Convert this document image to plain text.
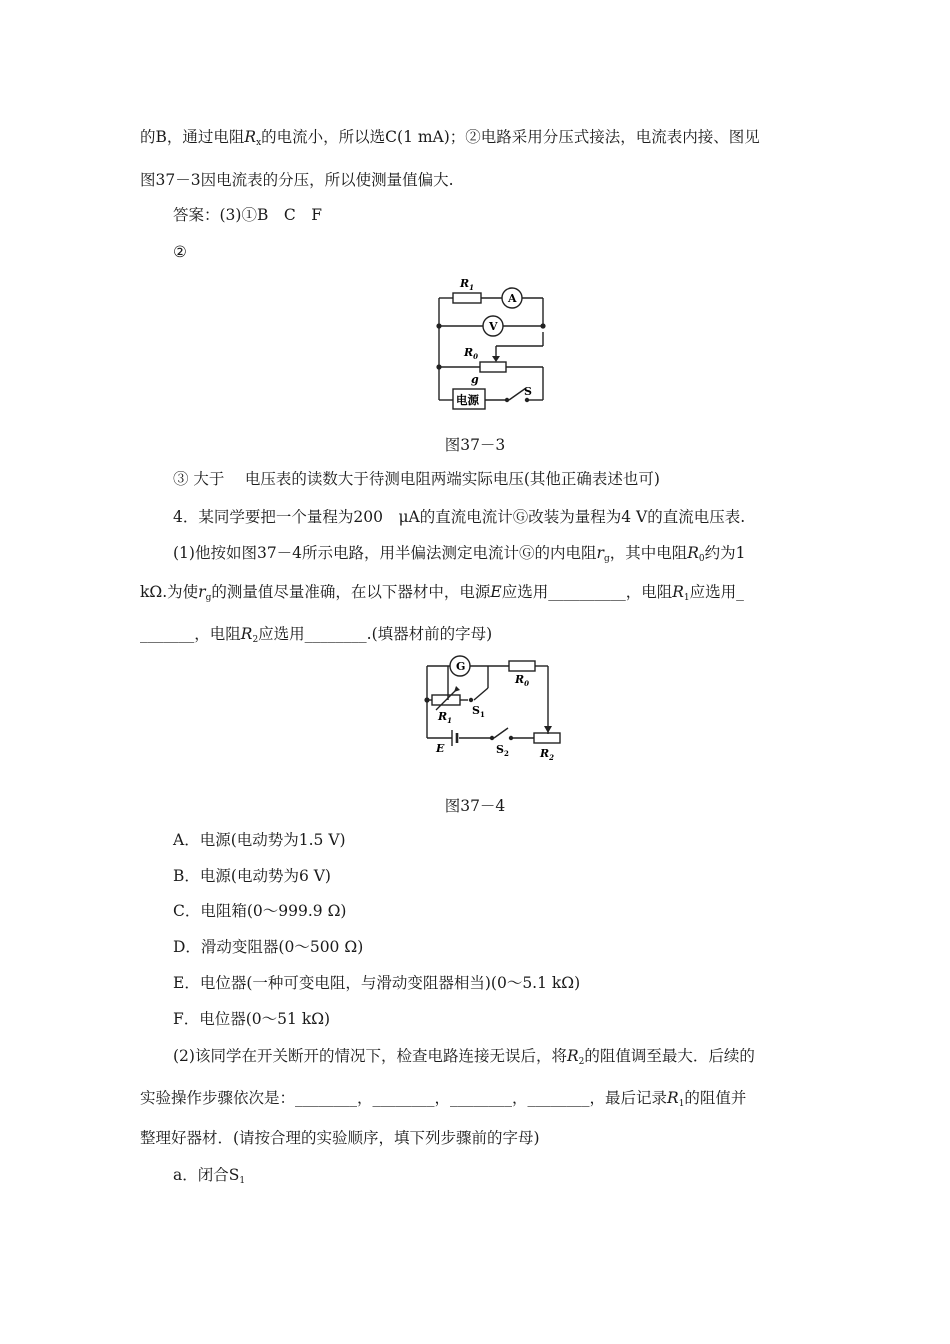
的B，通过电阻$R_x$的电流小，所以选C(1 mA)；②电路采用分压式接法，电流表内接、图见
图37－3因电流表的分压，所以使测量值偏大.
答案：(3)①B　C　F
②
$R_1$
A
V
$R_0$
g
电源
S
图37－3
③ 大于　 电压表的读数大于待测电阻两端实际电压(其他正确表述也可)
4．某同学要把一个量程为200　μA的直流电流计Ⓖ改装为量程为4 V的直流电压表.
(1)他按如图37－4所示电路，用半偏法测定电流计Ⓖ的内电阻$r_g$，其中电阻$R_0$约为1
kΩ.为使$r_g$的测量值尽量准确，在以下器材中，电源E应选用__________，电阻$R_1$应选用_
_______，电阻$R_2$应选用________.(填器材前的字母)
G
$R_0$
$R_1$
$S_1$
E	$S_2$	$R_2$
图37－4
A．电源(电动势为1.5 V)
B．电源(电动势为6 V)
C．电阻箱(0～999.9 Ω)
D．滑动变阻器(0～500 Ω)
E．电位器(一种可变电阻，与滑动变阻器相当)(0～5.1 kΩ)
F．电位器(0～51 kΩ)
(2)该同学在开关断开的情况下，检查电路连接无误后，将$R_2$的阻值调至最大．后续的
实验操作步骤依次是：________，________，________，________，最后记录$R_1$的阻值并
整理好器材．(请按合理的实验顺序，填下列步骤前的字母)
a．闭合$S_1$
